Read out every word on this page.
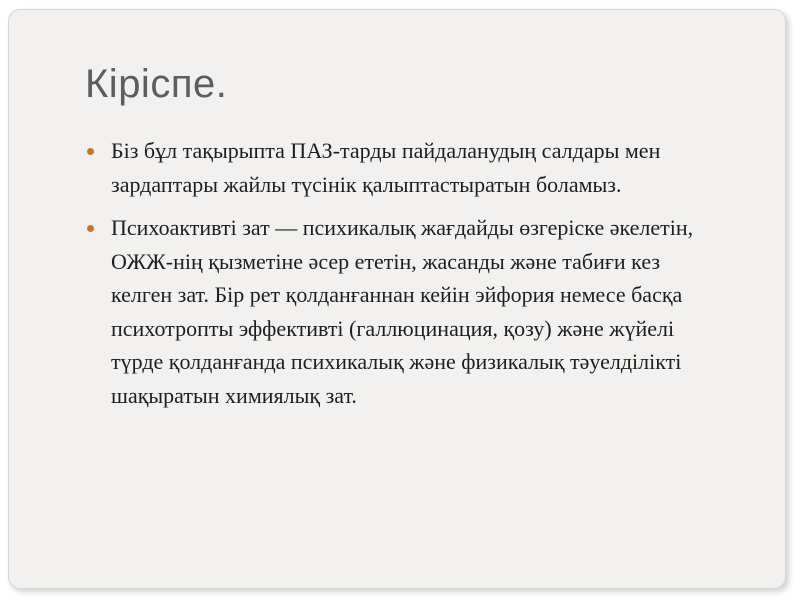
Кіріспе.
Біз бұл тақырыпта ПАЗ-тарды пайдаланудың салдары мен зардаптары жайлы түсінік қалыптастыратын боламыз.
Психоактивті зат — психикалық жағдайды өзгеріске әкелетін, ОЖЖ-нің қызметіне әсер ететін, жасанды және табиғи кез келген зат. Бір рет қолданғаннан кейін эйфория немесе басқа психотропты эффективті (галлюцинация, қозу) және жүйелі түрде қолданғанда психикалық және физикалық тәуелділікті шақыратын химиялық зат.
